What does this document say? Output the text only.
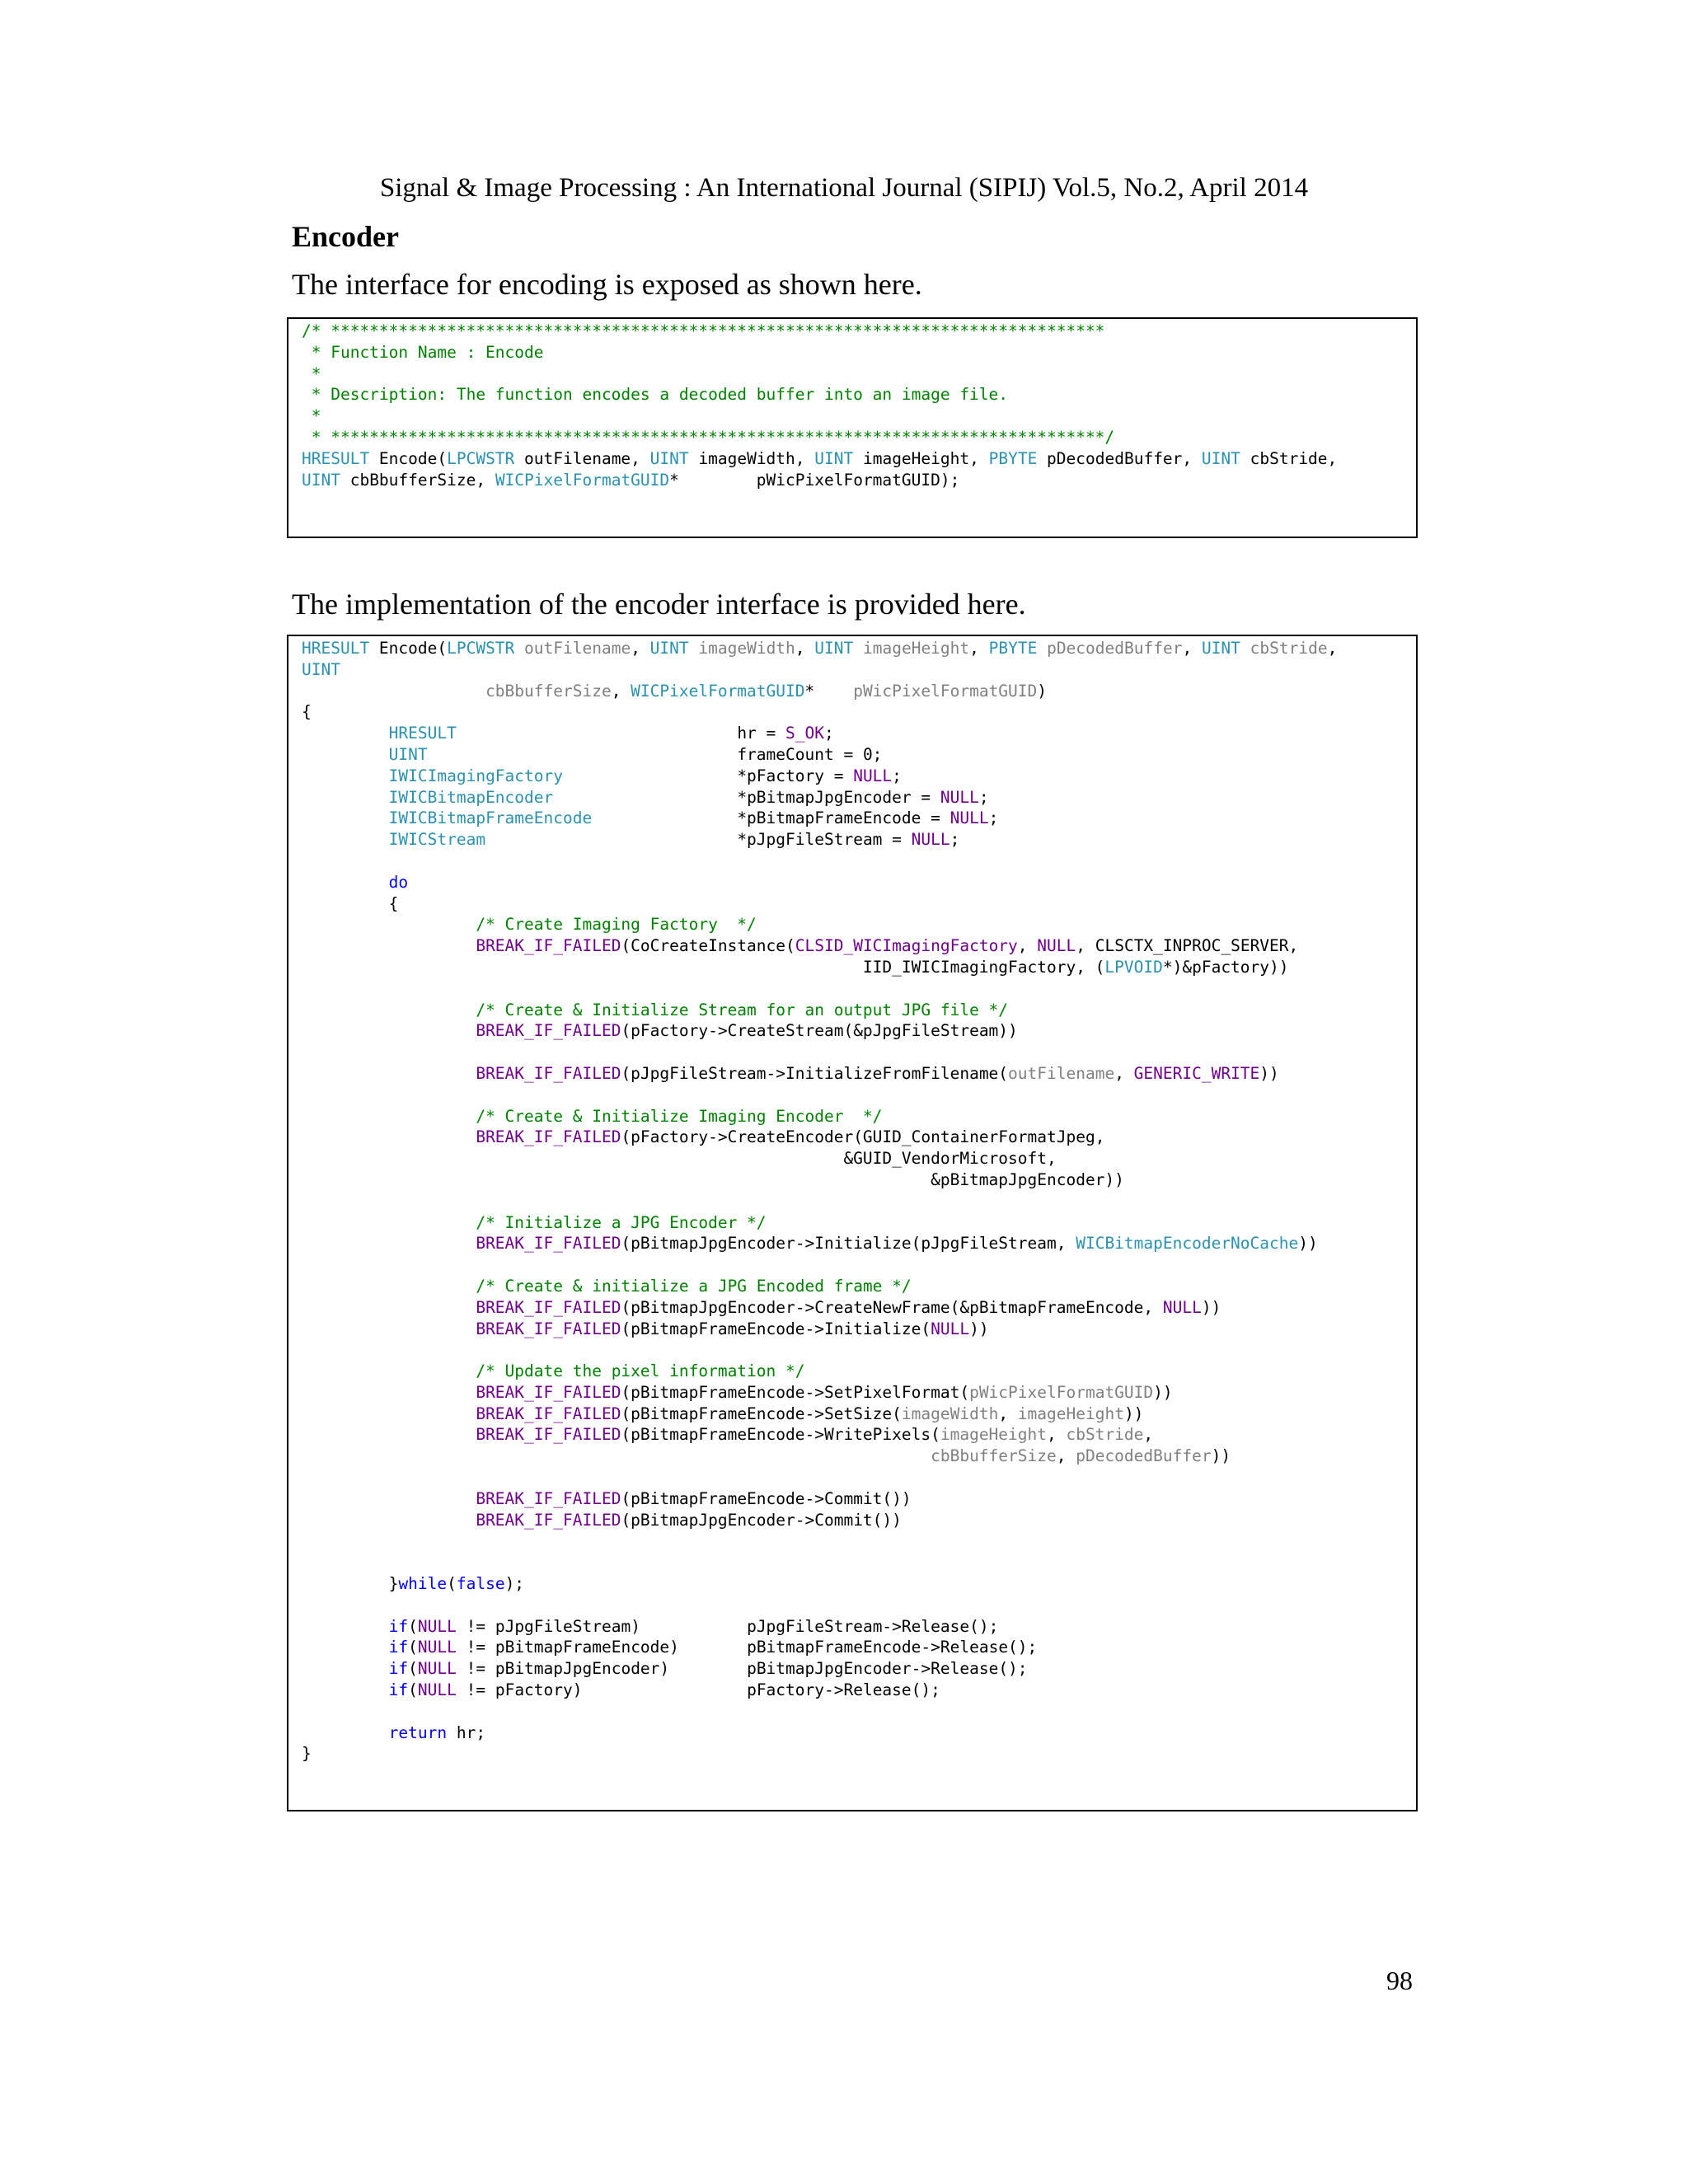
Signal & Image Processing : An International Journal (SIPIJ) Vol.5, No.2, April 2014
Encoder
The interface for encoding is exposed as shown here.
/* ********************************************************************************
* Function Name : Encode
*
* Description: The function encodes a decoded buffer into an image file.
*
* ********************************************************************************/
HRESULT Encode(LPCWSTR outFilename, UINT imageWidth, UINT imageHeight, PBYTE pDecodedBuffer, UINT cbStride,
UINT cbBbufferSize, WICPixelFormatGUID*        pWicPixelFormatGUID);
The implementation of the encoder interface is provided here.
HRESULT Encode(LPCWSTR outFilename, UINT imageWidth, UINT imageHeight, PBYTE pDecodedBuffer, UINT cbStride,
UINT
cbBbufferSize, WICPixelFormatGUID*    pWicPixelFormatGUID)
{
HRESULT                             hr = S_OK;
UINT                                frameCount = 0;
IWICImagingFactory                  *pFactory = NULL;
IWICBitmapEncoder                   *pBitmapJpgEncoder = NULL;
IWICBitmapFrameEncode               *pBitmapFrameEncode = NULL;
IWICStream                          *pJpgFileStream = NULL;

do
{
/* Create Imaging Factory  */
BREAK_IF_FAILED(CoCreateInstance(CLSID_WICImagingFactory, NULL, CLSCTX_INPROC_SERVER,
IID_IWICImagingFactory, (LPVOID*)&pFactory))

/* Create & Initialize Stream for an output JPG file */
BREAK_IF_FAILED(pFactory->CreateStream(&pJpgFileStream))

BREAK_IF_FAILED(pJpgFileStream->InitializeFromFilename(outFilename, GENERIC_WRITE))

/* Create & Initialize Imaging Encoder  */
BREAK_IF_FAILED(pFactory->CreateEncoder(GUID_ContainerFormatJpeg,
&GUID_VendorMicrosoft,
&pBitmapJpgEncoder))

/* Initialize a JPG Encoder */
BREAK_IF_FAILED(pBitmapJpgEncoder->Initialize(pJpgFileStream, WICBitmapEncoderNoCache))

/* Create & initialize a JPG Encoded frame */
BREAK_IF_FAILED(pBitmapJpgEncoder->CreateNewFrame(&pBitmapFrameEncode, NULL))
BREAK_IF_FAILED(pBitmapFrameEncode->Initialize(NULL))

/* Update the pixel information */
BREAK_IF_FAILED(pBitmapFrameEncode->SetPixelFormat(pWicPixelFormatGUID))
BREAK_IF_FAILED(pBitmapFrameEncode->SetSize(imageWidth, imageHeight))
BREAK_IF_FAILED(pBitmapFrameEncode->WritePixels(imageHeight, cbStride,
cbBbufferSize, pDecodedBuffer))

BREAK_IF_FAILED(pBitmapFrameEncode->Commit())
BREAK_IF_FAILED(pBitmapJpgEncoder->Commit())

}while(false);

if(NULL != pJpgFileStream)           pJpgFileStream->Release();
if(NULL != pBitmapFrameEncode)       pBitmapFrameEncode->Release();
if(NULL != pBitmapJpgEncoder)        pBitmapJpgEncoder->Release();
if(NULL != pFactory)                 pFactory->Release();

return hr;
}
98
